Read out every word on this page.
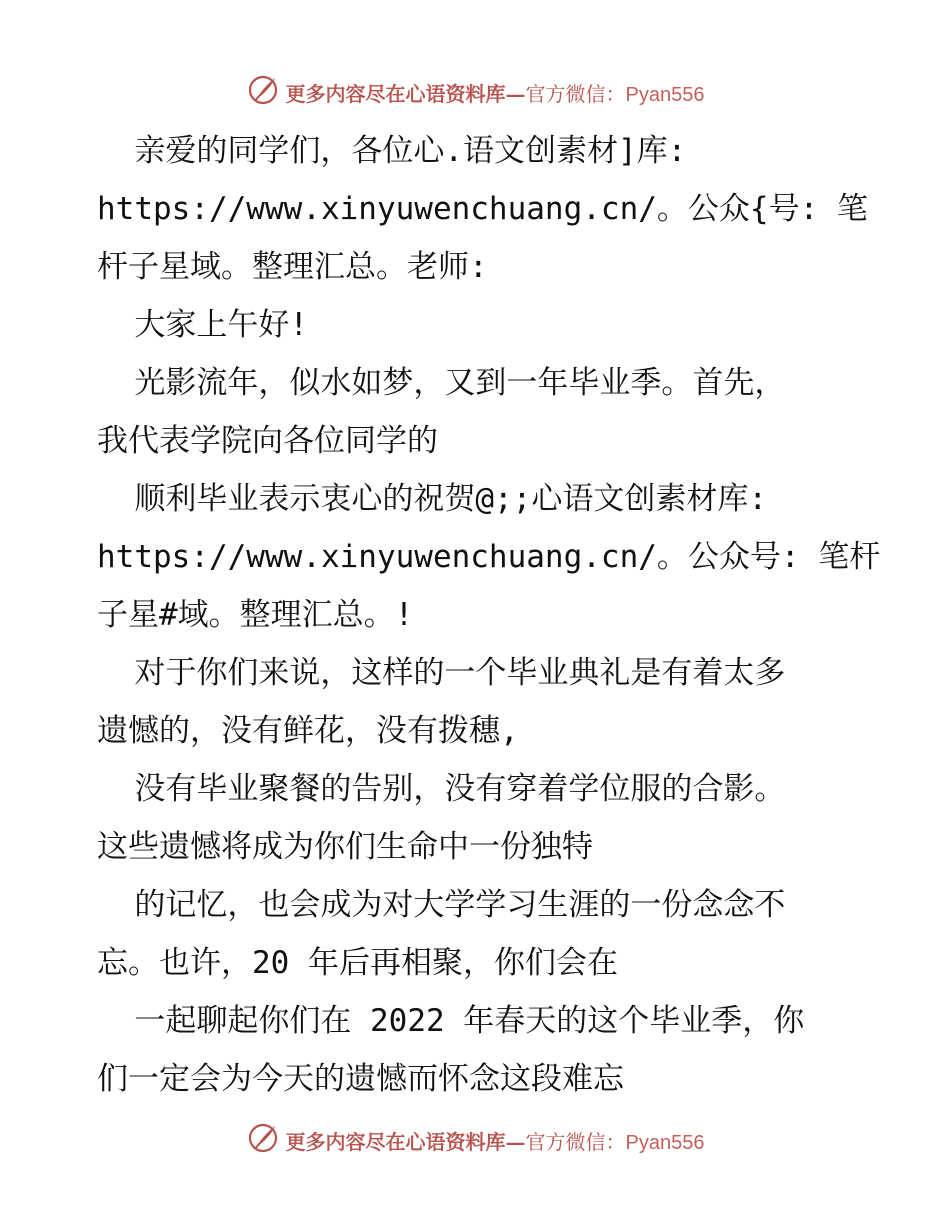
更多内容尽在心语资料库—官方微信：Pyan556
亲爱的同学们，各位心.语文创素材]库:
https://www.xinyuwenchuang.cn/。公众{号: 笔
杆子星域。整理汇总。老师:
大家上午好!
光影流年，似水如梦，又到一年毕业季。首先，
我代表学院向各位同学的
顺利毕业表示衷心的祝贺@;;心语文创素材库:
https://www.xinyuwenchuang.cn/。公众号: 笔杆
子星#域。整理汇总。!
对于你们来说，这样的一个毕业典礼是有着太多
遗憾的，没有鲜花，没有拨穗,
没有毕业聚餐的告别，没有穿着学位服的合影。
这些遗憾将成为你们生命中一份独特
的记忆，也会成为对大学学习生涯的一份念念不
忘。也许，20 年后再相聚，你们会在
一起聊起你们在 2022 年春天的这个毕业季，你
们一定会为今天的遗憾而怀念这段难忘
更多内容尽在心语资料库—官方微信：Pyan556
